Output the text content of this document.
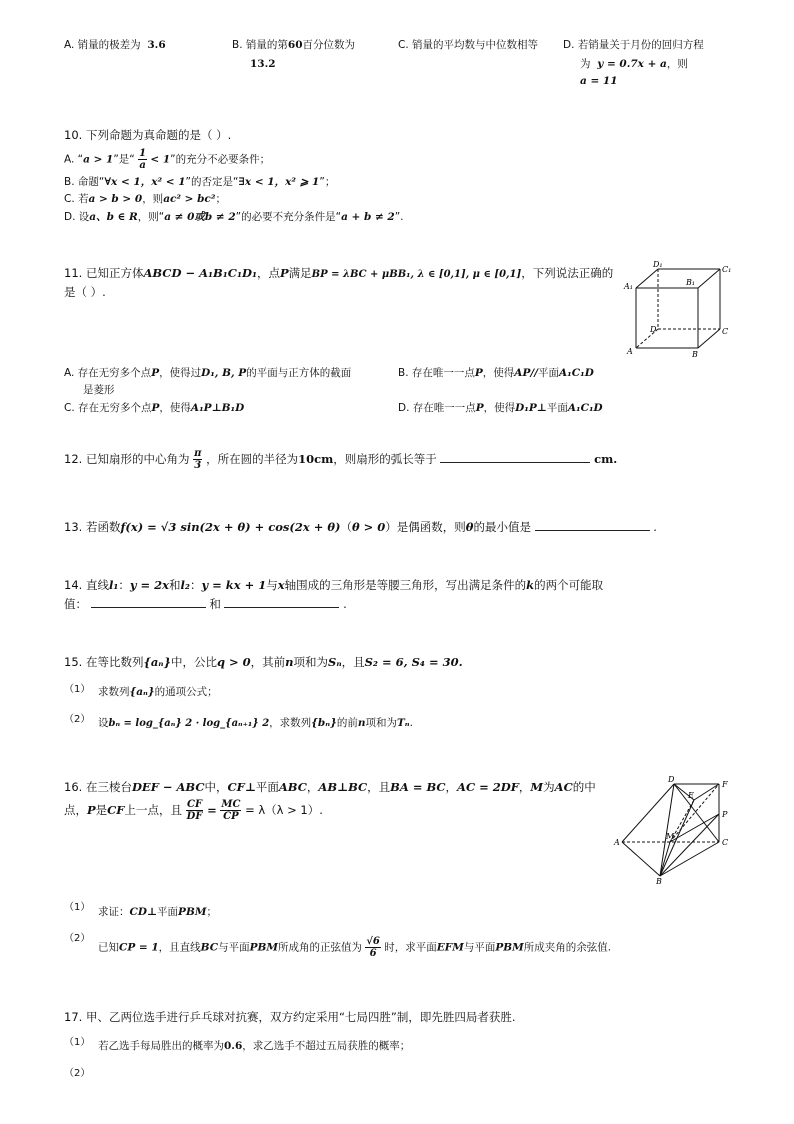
A. 销量的极差为 3.6	B. 销量的第60百分位数为
13.2
C. 销量的平均数与中位数相等 D. 若销量关于月份的回归方程
为 y = 0.7x + a，则
a = 11
10. 下列命题为真命题的是（ ）.
A. “a > 1”是“ $\frac{1}{a} < 1$”的充分不必要条件；
B. 命题“∀x < 1，x² < 1”的否定是“∃x < 1，x² ⩾ 1”；
C. 若a > b > 0，则ac² > bc²；
D. 设a、b ∈ R，则“a ≠ 0或b ≠ 2”的必要不充分条件是“a + b ≠ 2”.
11. 已知正方体ABCD − A₁B₁C₁D₁，点P满足BP = λBC + μBB₁, λ ∈ [0,1], μ ∈ [0,1]，下列说法正确的
是（ ）.
D₁
C₁
A₁	B₁
D	C
A	B
A. 存在无穷多个点P，使得过D₁, B, P的平面与正方体的截面
是菱形
B. 存在唯一一点P，使得AP//平面A₁C₁D
C. 存在无穷多个点P，使得A₁P⊥B₁D	D. 存在唯一一点P，使得D₁P⊥平面A₁C₁D
12. 已知扇形的中心角为 $\frac{\pi}{3}$ ，所在圆的半径为10cm，则扇形的弧长等于	cm.
13. 若函数f(x) = √3 sin(2x + θ) + cos(2x + θ)（θ > 0）是偶函数，则θ的最小值是	.
14. 直线l₁：y = 2x和l₂：y = kx + 1与x轴围成的三角形是等腰三角形，写出满足条件的k的两个可能取
值：	和	.
15. 在等比数列{aₙ}中，公比q > 0，其前n项和为Sₙ，且S₂ = 6, S₄ = 30.
（1） 求数列{aₙ}的通项公式；
（2） 设bₙ = log_{aₙ} 2 · log_{aₙ₊₁} 2，求数列{bₙ}的前n项和为Tₙ.
16. 在三棱台DEF − ABC中，CF⊥平面ABC，AB⊥BC，且BA = BC，AC = 2DF，M为AC的中
点，P是CF上一点，且 $\frac{CF}{DF} = \frac{MC}{CP} = \lambda(\lambda > 1)$.
D
E
F
P
A
M
C
B
（1） 求证：CD⊥平面PBM；
（2）
已知CP = 1，且直线BC与平面PBM所成角的正弦值为 $\frac{√6}{6}$ 时，求平面EFM与平面PBM所成夹角的余弦值.
17. 甲、乙两位选手进行乒乓球对抗赛，双方约定采用“七局四胜”制，即先胜四局者获胜.
（1） 若乙选手每局胜出的概率为0.6，求乙选手不超过五局获胜的概率；
（2）
